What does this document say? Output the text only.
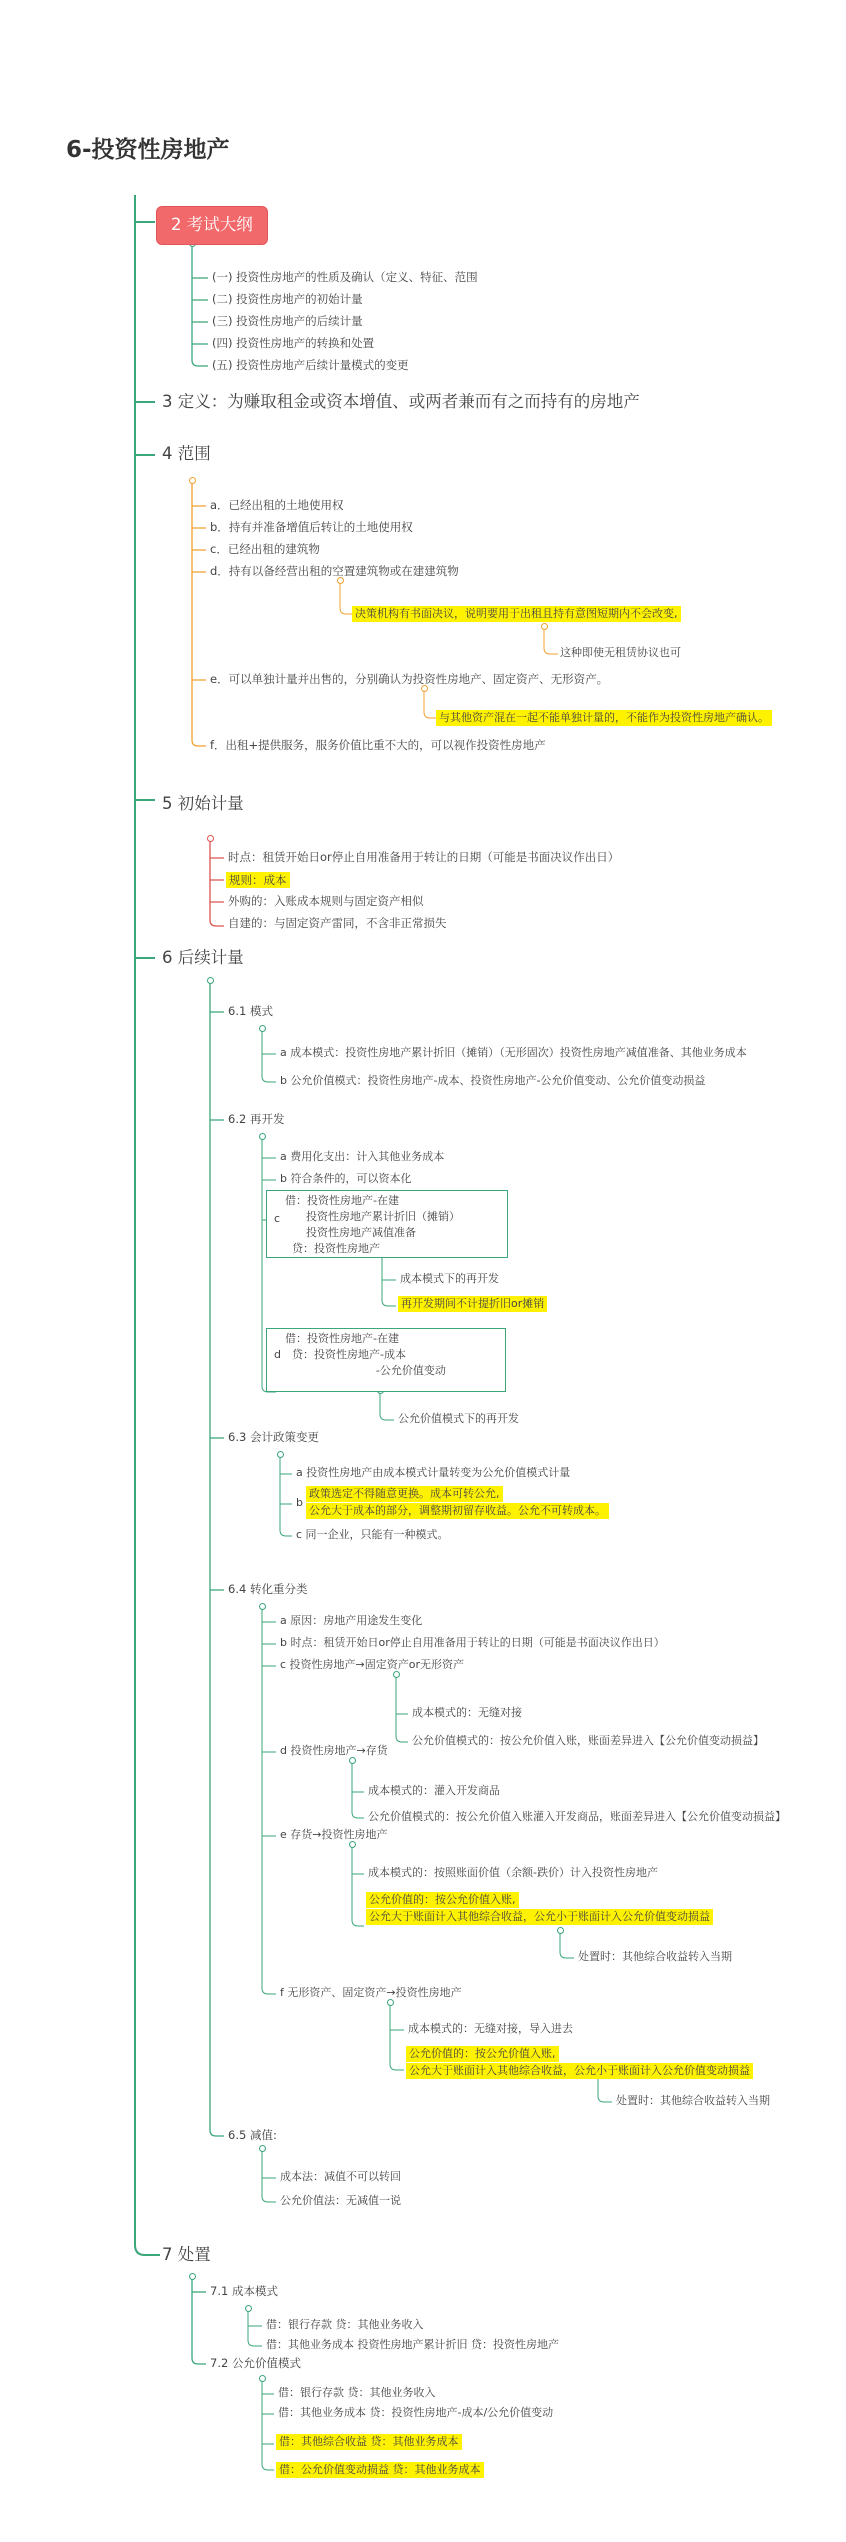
6-投资性房地产
2 考试大纲
(一) 投资性房地产的性质及确认（定义、特征、范围
(二) 投资性房地产的初始计量
(三) 投资性房地产的后续计量
(四) 投资性房地产的转换和处置
(五) 投资性房地产后续计量模式的变更
3 定义：为赚取租金或资本增值、或两者兼而有之而持有的房地产
4 范围
a．已经出租的土地使用权
b．持有并准备增值后转让的土地使用权
c．已经出租的建筑物
d．持有以备经营出租的空置建筑物或在建建筑物
决策机构有书面决议，说明要用于出租且持有意图短期内不会改变,
这种即使无租赁协议也可
e．可以单独计量并出售的，分别确认为投资性房地产、固定资产、无形资产。
与其他资产混在一起不能单独计量的，不能作为投资性房地产确认。
f．出租+提供服务，服务价值比重不大的，可以视作投资性房地产
5 初始计量
时点：租赁开始日or停止自用准备用于转让的日期（可能是书面决议作出日）
规则：成本
外购的：入账成本规则与固定资产相似
自建的：与固定资产雷同，不含非正常损失
6 后续计量
6.1 模式
a 成本模式：投资性房地产累计折旧（摊销）（无形固次）投资性房地产减值准备、其他业务成本
b 公允价值模式：投资性房地产-成本、投资性房地产-公允价值变动、公允价值变动损益
6.2 再开发
a 费用化支出：计入其他业务成本
b 符合条件的，可以资本化
借：投资性房地产-在建
投资性房地产累计折旧（摊销）
投资性房地产减值准备
贷：投资性房地产
c
成本模式下的再开发
再开发期间不计提折旧or摊销
借：投资性房地产-在建
贷：投资性房地产-成本
-公允价值变动
d
公允价值模式下的再开发
6.3 会计政策变更
a 投资性房地产由成本模式计量转变为公允价值模式计量
b
政策选定不得随意更换。成本可转公允,
公允大于成本的部分，调整期初留存收益。公允不可转成本。
c 同一企业，只能有一种模式。
6.4 转化重分类
a 原因：房地产用途发生变化
b 时点：租赁开始日or停止自用准备用于转让的日期（可能是书面决议作出日）
c 投资性房地产→固定资产or无形资产
成本模式的：无缝对接
公允价值模式的：按公允价值入账，账面差异进入【公允价值变动损益】
d 投资性房地产→存货
成本模式的：灌入开发商品
公允价值模式的：按公允价值入账灌入开发商品，账面差异进入【公允价值变动损益】
e 存货→投资性房地产
成本模式的：按照账面价值（余额-跌价）计入投资性房地产
公允价值的：按公允价值入账,
公允大于账面计入其他综合收益，公允小于账面计入公允价值变动损益
处置时：其他综合收益转入当期
f 无形资产、固定资产→投资性房地产
成本模式的：无缝对接，导入进去
公允价值的：按公允价值入账,
公允大于账面计入其他综合收益，公允小于账面计入公允价值变动损益
处置时：其他综合收益转入当期
6.5 减值:
成本法：减值不可以转回
公允价值法：无减值一说
7 处置
7.1 成本模式
借：银行存款 贷：其他业务收入
借：其他业务成本 投资性房地产累计折旧 贷：投资性房地产
7.2 公允价值模式
借：银行存款 贷：其他业务收入
借：其他业务成本 贷：投资性房地产-成本/公允价值变动
借：其他综合收益 贷：其他业务成本
借：公允价值变动损益 贷：其他业务成本
